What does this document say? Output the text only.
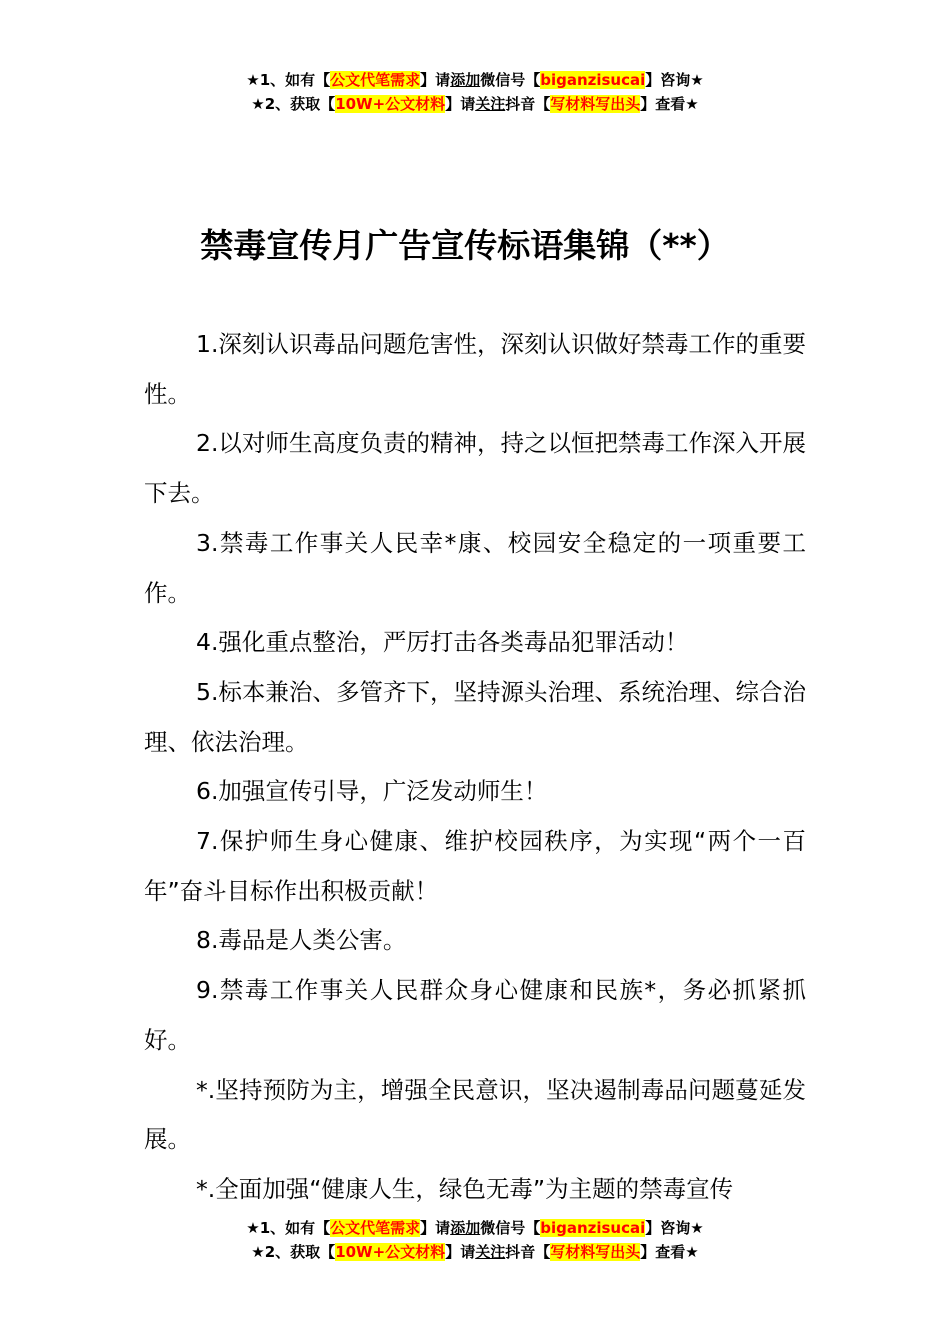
★1、如有【公文代笔需求】请添加微信号【biganzisucai】咨询★
★2、获取【10W+公文材料】请关注抖音【写材料写出头】查看★
禁毒宣传月广告宣传标语集锦（**）

1.深刻认识毒品问题危害性，深刻认识做好禁毒工作的重要性。

2.以对师生高度负责的精神，持之以恒把禁毒工作深入开展下去。

3.禁毒工作事关人民幸*康、校园安全稳定的一项重要工作。

4.强化重点整治，严厉打击各类毒品犯罪活动！

5.标本兼治、多管齐下，坚持源头治理、系统治理、综合治理、依法治理。

6.加强宣传引导，广泛发动师生！

7.保护师生身心健康、维护校园秩序，为实现“两个一百年”奋斗目标作出积极贡献！

8.毒品是人类公害。

9.禁毒工作事关人民群众身心健康和民族*，务必抓紧抓好。

*.坚持预防为主，增强全民意识，坚决遏制毒品问题蔓延发展。

*.全面加强“健康人生，绿色无毒”为主题的禁毒宣传

★1、如有【公文代笔需求】请添加微信号【biganzisucai】咨询★
★2、获取【10W+公文材料】请关注抖音【写材料写出头】查看★
